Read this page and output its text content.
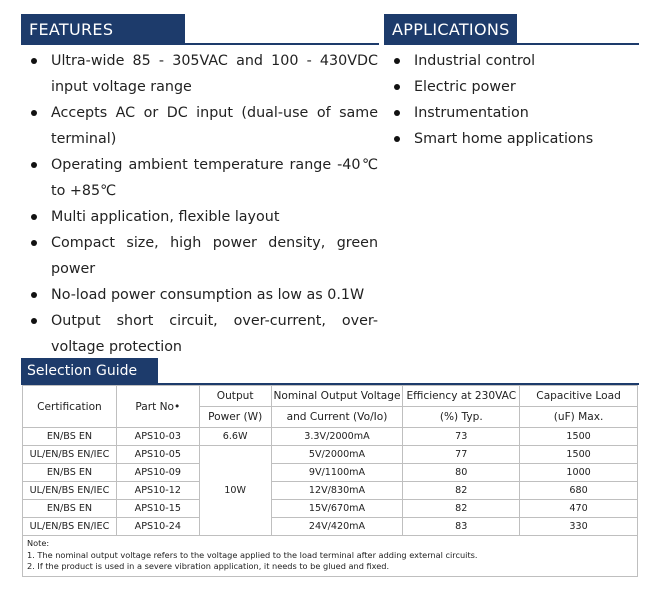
FEATURES	APPLICATIONS
Ultra-wide 85 - 305VAC and 100 - 430VDC input voltage range
Accepts AC or DC input (dual-use of same terminal)
Operating ambient temperature range -40℃ to +85℃
Multi application, flexible layout
Compact size, high power density, green power
No-load power consumption as low as 0.1W
Output short circuit, over-current, over-voltage protection
Industrial control
Electric power
Instrumentation
Smart home applications
Selection Guide
Certification	Part No•	Output	Nominal Output Voltage	Efficiency at 230VAC	Capacitive Load
		Power (W)	and Current (Vo/Io)	(%) Typ.	(uF) Max.
EN/BS EN	APS10-03	6.6W	3.3V/2000mA	73	1500
UL/EN/BS EN/IEC	APS10-05	10W	5V/2000mA	77	1500
EN/BS EN	APS10-09		9V/1100mA	80	1000
UL/EN/BS EN/IEC	APS10-12		12V/830mA	82	680
EN/BS EN	APS10-15		15V/670mA	82	470
UL/EN/BS EN/IEC	APS10-24		24V/420mA	83	330

Note:
1. The nominal output voltage refers to the voltage applied to the load terminal after adding external circuits.
2. If the product is used in a severe vibration application, it needs to be glued and fixed.					
